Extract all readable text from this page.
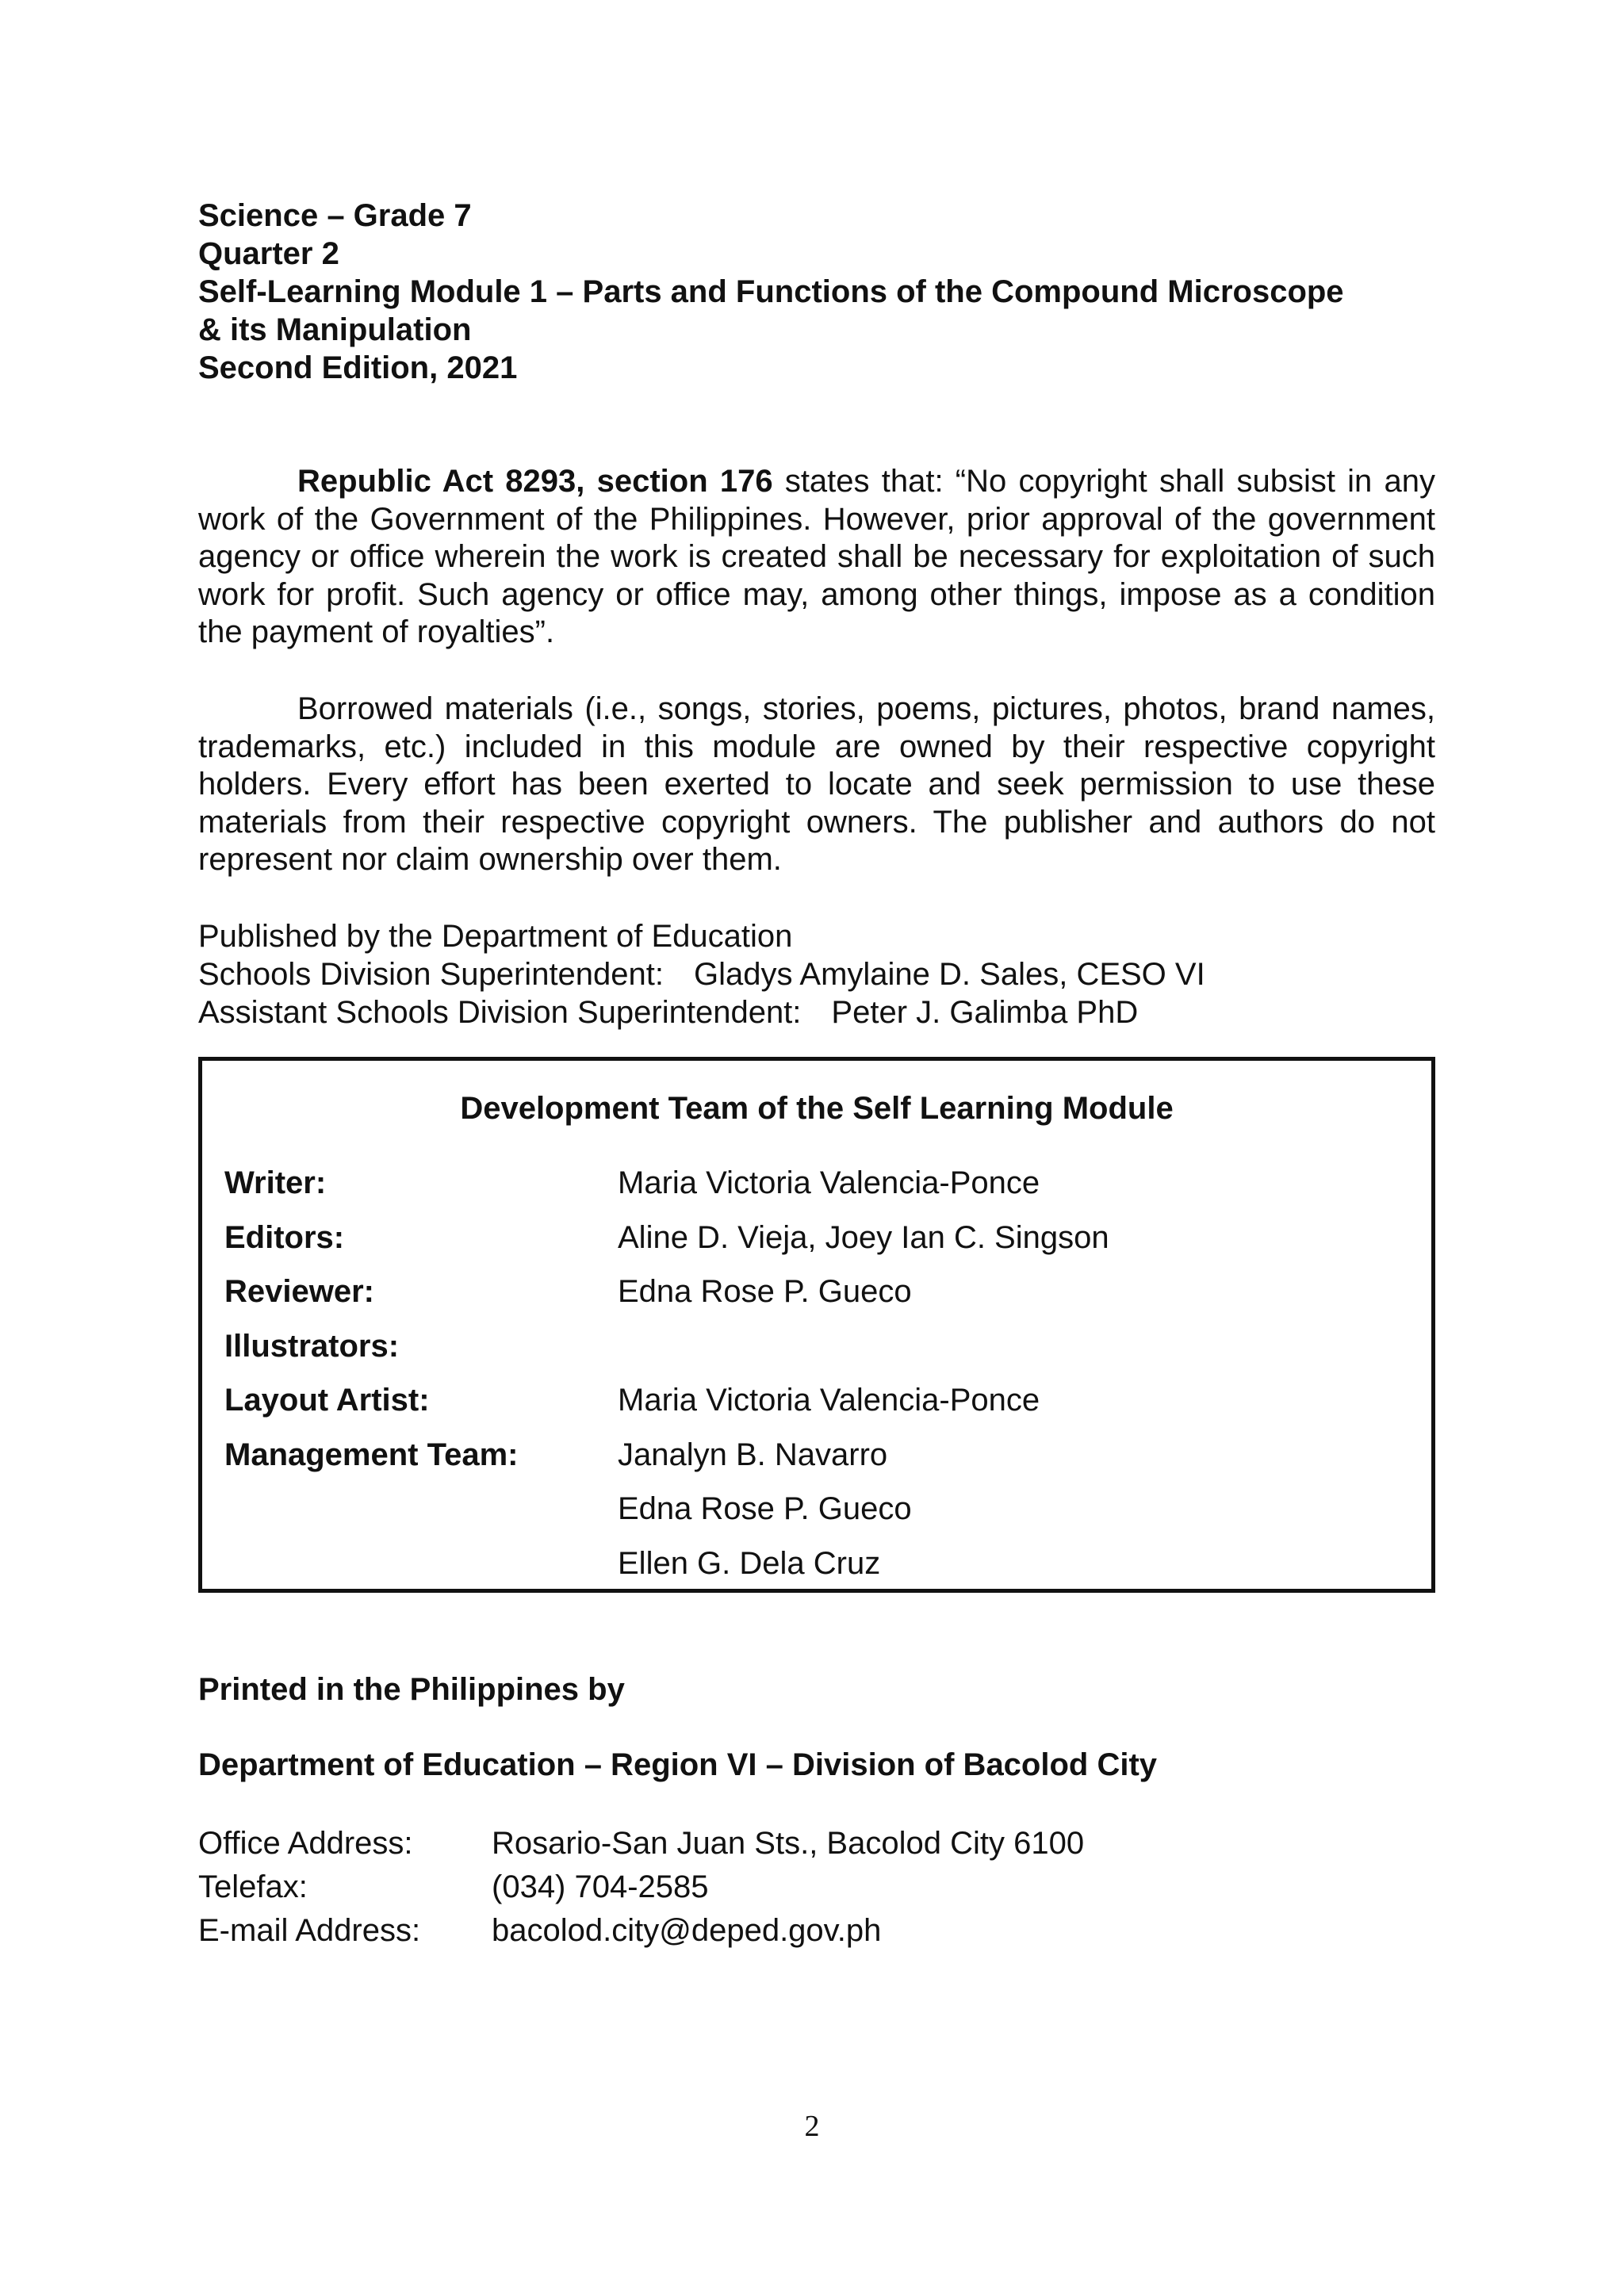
Science – Grade 7
Quarter 2
Self-Learning Module 1 – Parts and Functions of the Compound Microscope
& its Manipulation
Second Edition, 2021
Republic Act 8293, section 176 states that: “No copyright shall subsist in any work of the Government of the Philippines. However, prior approval of the government agency or office wherein the work is created shall be necessary for exploitation of such work for profit. Such agency or office may, among other things, impose as a condition the payment of royalties”.
Borrowed materials (i.e., songs, stories, poems, pictures, photos, brand names, trademarks, etc.) included in this module are owned by their respective copyright holders. Every effort has been exerted to locate and seek permission to use these materials from their respective copyright owners. The publisher and authors do not represent nor claim ownership over them.
Published by the Department of Education
Schools Division Superintendent: Gladys Amylaine D. Sales, CESO VI
Assistant Schools Division Superintendent: Peter J. Galimba PhD
Development Team of the Self Learning Module
Writer:	Maria Victoria Valencia-Ponce
Editors:	Aline D. Vieja, Joey Ian C. Singson
Reviewer:	Edna Rose P. Gueco
Illustrators:
Layout Artist:	Maria Victoria Valencia-Ponce
Management Team:	Janalyn B. Navarro
Edna Rose P. Gueco
Ellen G. Dela Cruz
Printed in the Philippines by
Department of Education – Region VI – Division of Bacolod City
Office Address: Rosario-San Juan Sts., Bacolod City 6100
Telefax:	(034) 704-2585
E-mail Address: bacolod.city@deped.gov.ph
2
